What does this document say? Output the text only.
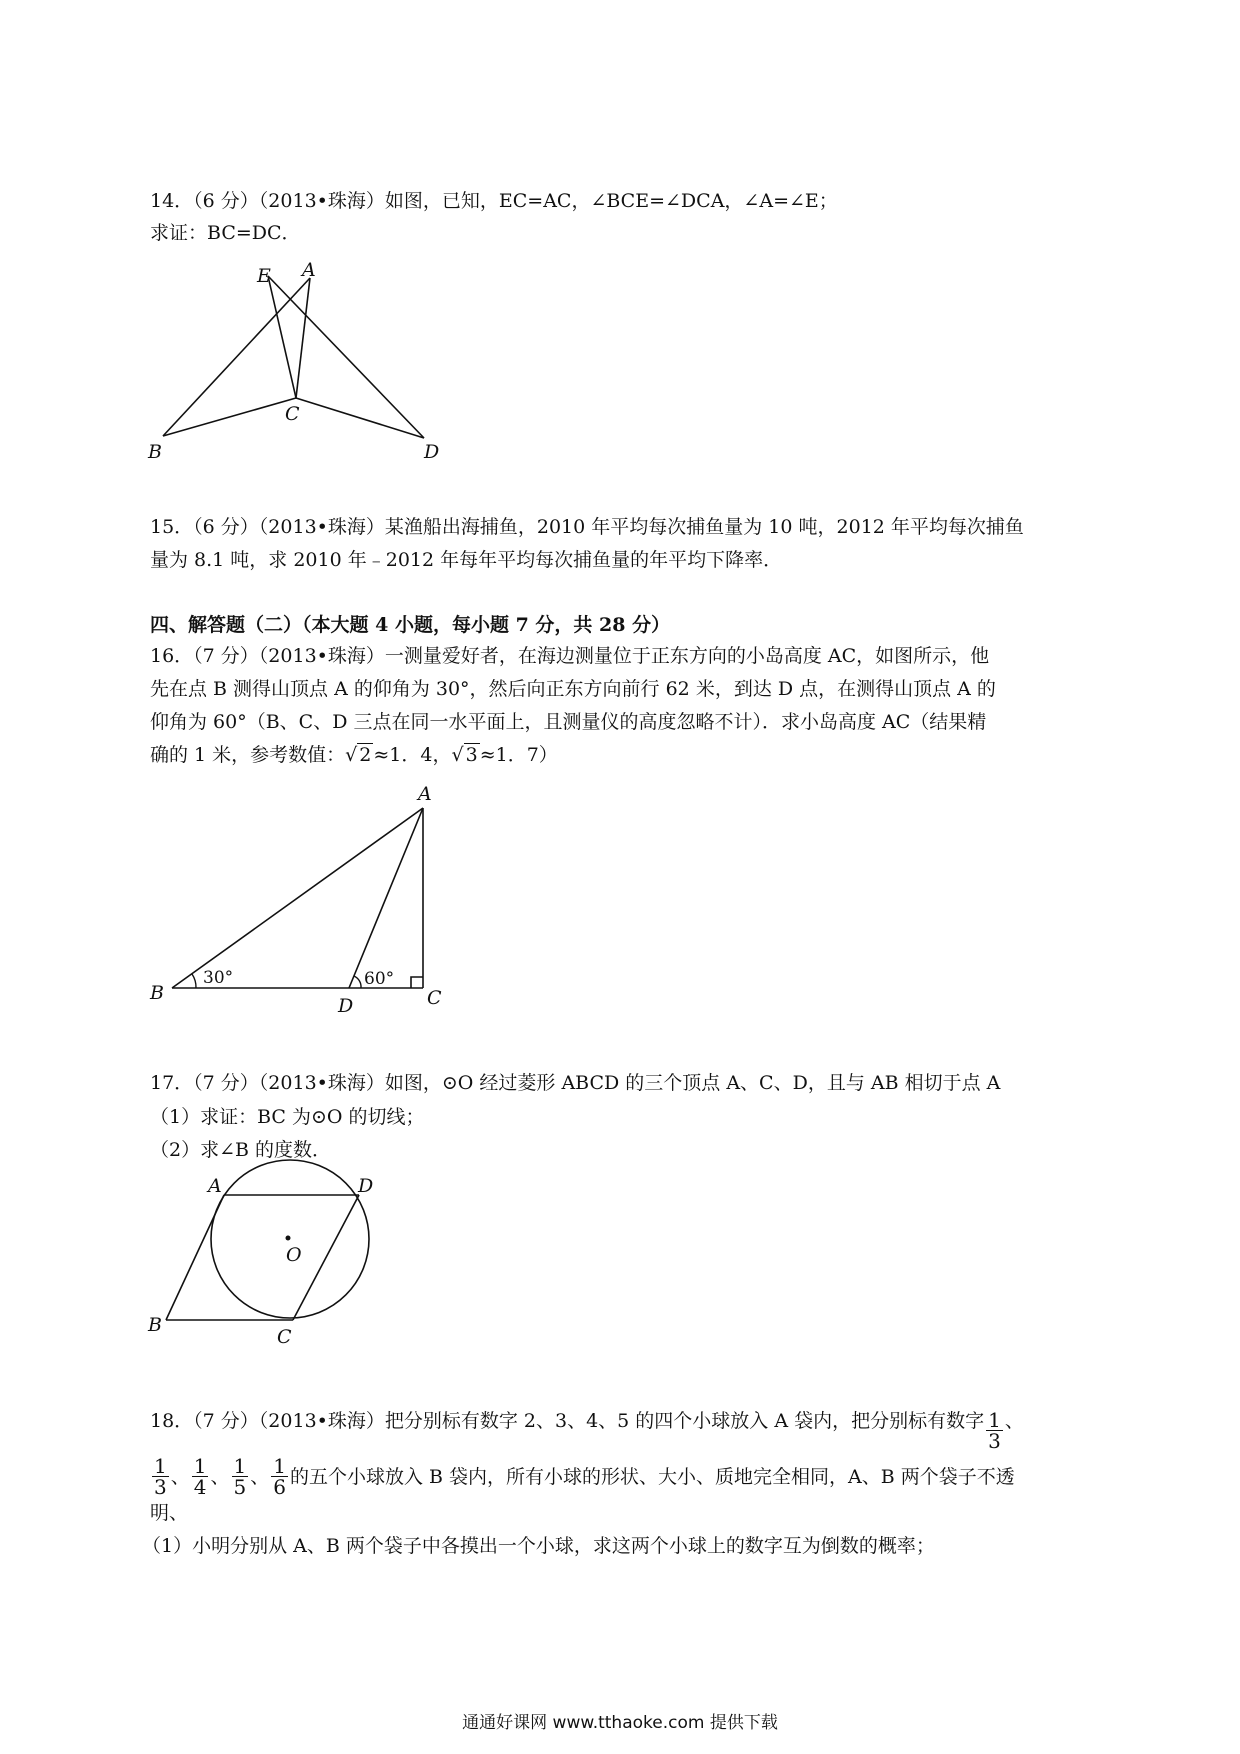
14．（6 分）（2013•珠海）如图，已知，EC=AC，∠BCE=∠DCA，∠A=∠E；
求证：BC=DC．
E A
C
B	D
15．（6 分）（2013•珠海）某渔船出海捕鱼，2010 年平均每次捕鱼量为 10 吨，2012 年平均每次捕鱼
量为 8.1 吨，求 2010 年﹣2012 年每年平均每次捕鱼量的年平均下降率．
四、解答题（二）（本大题 4 小题，每小题 7 分，共 28 分）
16．（7 分）（2013•珠海）一测量爱好者，在海边测量位于正东方向的小岛高度 AC，如图所示，他
先在点 B 测得山顶点 A 的仰角为 30°，然后向正东方向前行 62 米，到达 D 点，在测得山顶点 A 的
仰角为 60°（B、C、D 三点在同一水平面上，且测量仪的高度忽略不计）．求小岛高度 AC（结果精
确的 1 米，参考数值：√ 2 ≈1．4，√ 3 ≈1．7）
A
B
D	C
30°	60°
17．（7 分）（2013•珠海）如图，⊙O 经过菱形 ABCD 的三个顶点 A、C、D，且与 AB 相切于点 A
（1）求证：BC 为⊙O 的切线；
（2）求∠B 的度数．
A	D
O
B
C
18．（7 分）（2013•珠海）把分别标有数字 2、3、4、5 的四个小球放入 A 袋内，把分别标有数字 $\frac{1}{3}$ 、
$\frac{1}{3}$ 、 $\frac{1}{4}$ 、 $\frac{1}{5}$ 、 $\frac{1}{6}$ 的五个小球放入 B 袋内，所有小球的形状、大小、质地完全相同，A、B 两个袋子不透
明、
（1）小明分别从 A、B 两个袋子中各摸出一个小球，求这两个小球上的数字互为倒数的概率；
通通好课网 www.tthaoke.com 提供下载
